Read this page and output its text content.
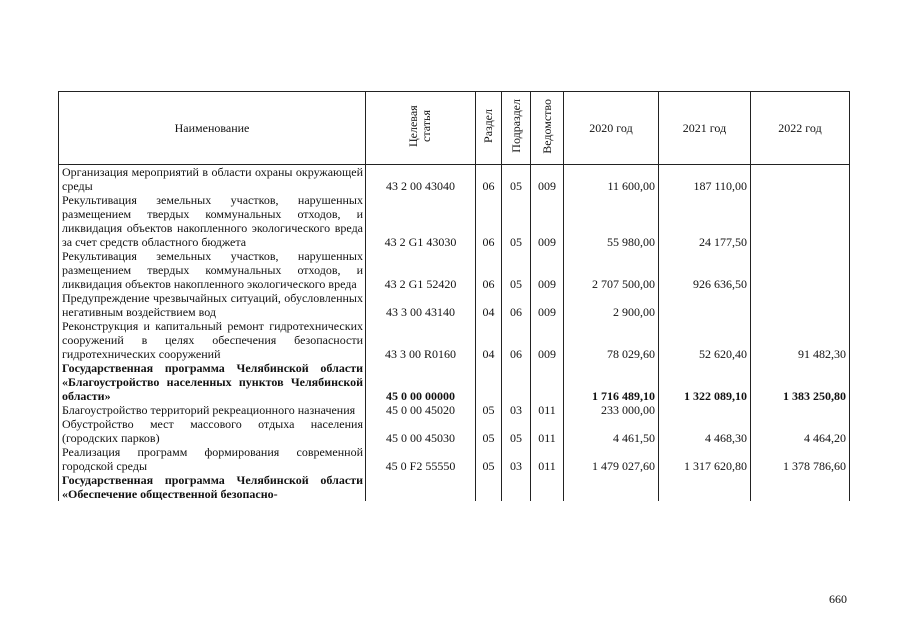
Наименование	Целевая статья	Раздел	Подраздел	Ведомство	2020 год	2021 год	2022 год
Организация мероприятий в области охраны окружающей среды	43 2 00 43040	06	05	009	11 600,00	187 110,00	
Рекультивация земельных участков, нарушенных размещением твердых коммунальных отходов, и ликвидация объектов накопленного экологического вреда за счет средств областного бюджета	43 2 G1 43030	06	05	009	55 980,00	24 177,50	
Рекультивация земельных участков, нарушенных размещением твердых коммунальных отходов, и ликвидация объектов накопленного экологического вреда	43 2 G1 52420	06	05	009	2 707 500,00	926 636,50	
Предупреждение чрезвычайных ситуаций, обусловленных негативным воздействием вод	43 3 00 43140	04	06	009	2 900,00		
Реконструкция и капитальный ремонт гидротехнических сооружений в целях обеспечения безопасности гидротехнических сооружений	43 3 00 R0160	04	06	009	78 029,60	52 620,40	91 482,30
Государственная программа Челябинской области «Благоустройство населенных пунктов Челябинской области»	45 0 00 00000				1 716 489,10	1 322 089,10	1 383 250,80
Благоустройство территорий рекреационного назначения	45 0 00 45020	05	03	011	233 000,00		
Обустройство мест массового отдыха населения (городских парков)	45 0 00 45030	05	05	011	4 461,50	4 468,30	4 464,20
Реализация программ формирования современной городской среды	45 0 F2 55550	05	03	011	1 479 027,60	1 317 620,80	1 378 786,60
Государственная программа Челябинской области «Обеспечение общественной безопасно-							
660
